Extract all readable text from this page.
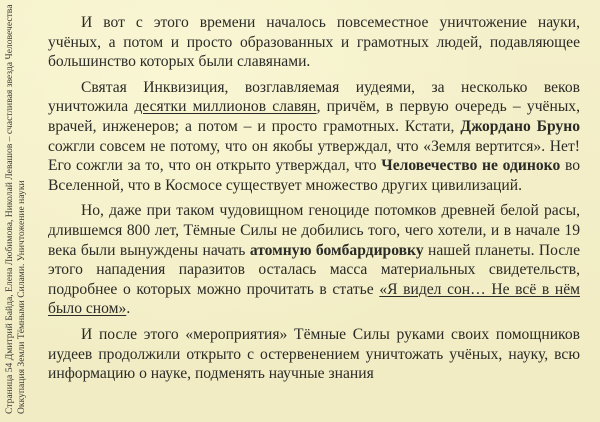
Страница 54 Дмитрий Байда, Елена Любимова, Николай Левашов – счастливая звезда Человечества Оккупация Земли Тёмными Силами. Уничтожение науки

И вот с этого времени началось повсеместное уничтожение науки, учёных, а потом и просто образованных и грамотных людей, подавляющее большинство которых были славянами.

Святая Инквизиция, возглавляемая иудеями, за несколько веков уничтожила десятки миллионов славян, причём, в первую очередь – учёных, врачей, инженеров; а потом – и просто грамотных. Кстати, Джордано Бруно сожгли совсем не потому, что он якобы утверждал, что «Земля вертится». Нет! Его сожгли за то, что он открыто утверждал, что Человечество не одиноко во Вселенной, что в Космосе существует множество других цивилизаций.

Но, даже при таком чудовищном геноциде потомков древней белой расы, длившемся 800 лет, Тёмные Силы не добились того, чего хотели, и в начале 19 века были вынуждены начать атомную бомбардировку нашей планеты. После этого нападения паразитов осталась масса материальных свидетельств, подробнее о которых можно прочитать в статье «Я видел сон… Не всё в нём было сном».

И после этого «мероприятия» Тёмные Силы руками своих помощников иудеев продолжили открыто с остервенением уничтожать учёных, науку, всю информацию о науке, подменять научные знания
